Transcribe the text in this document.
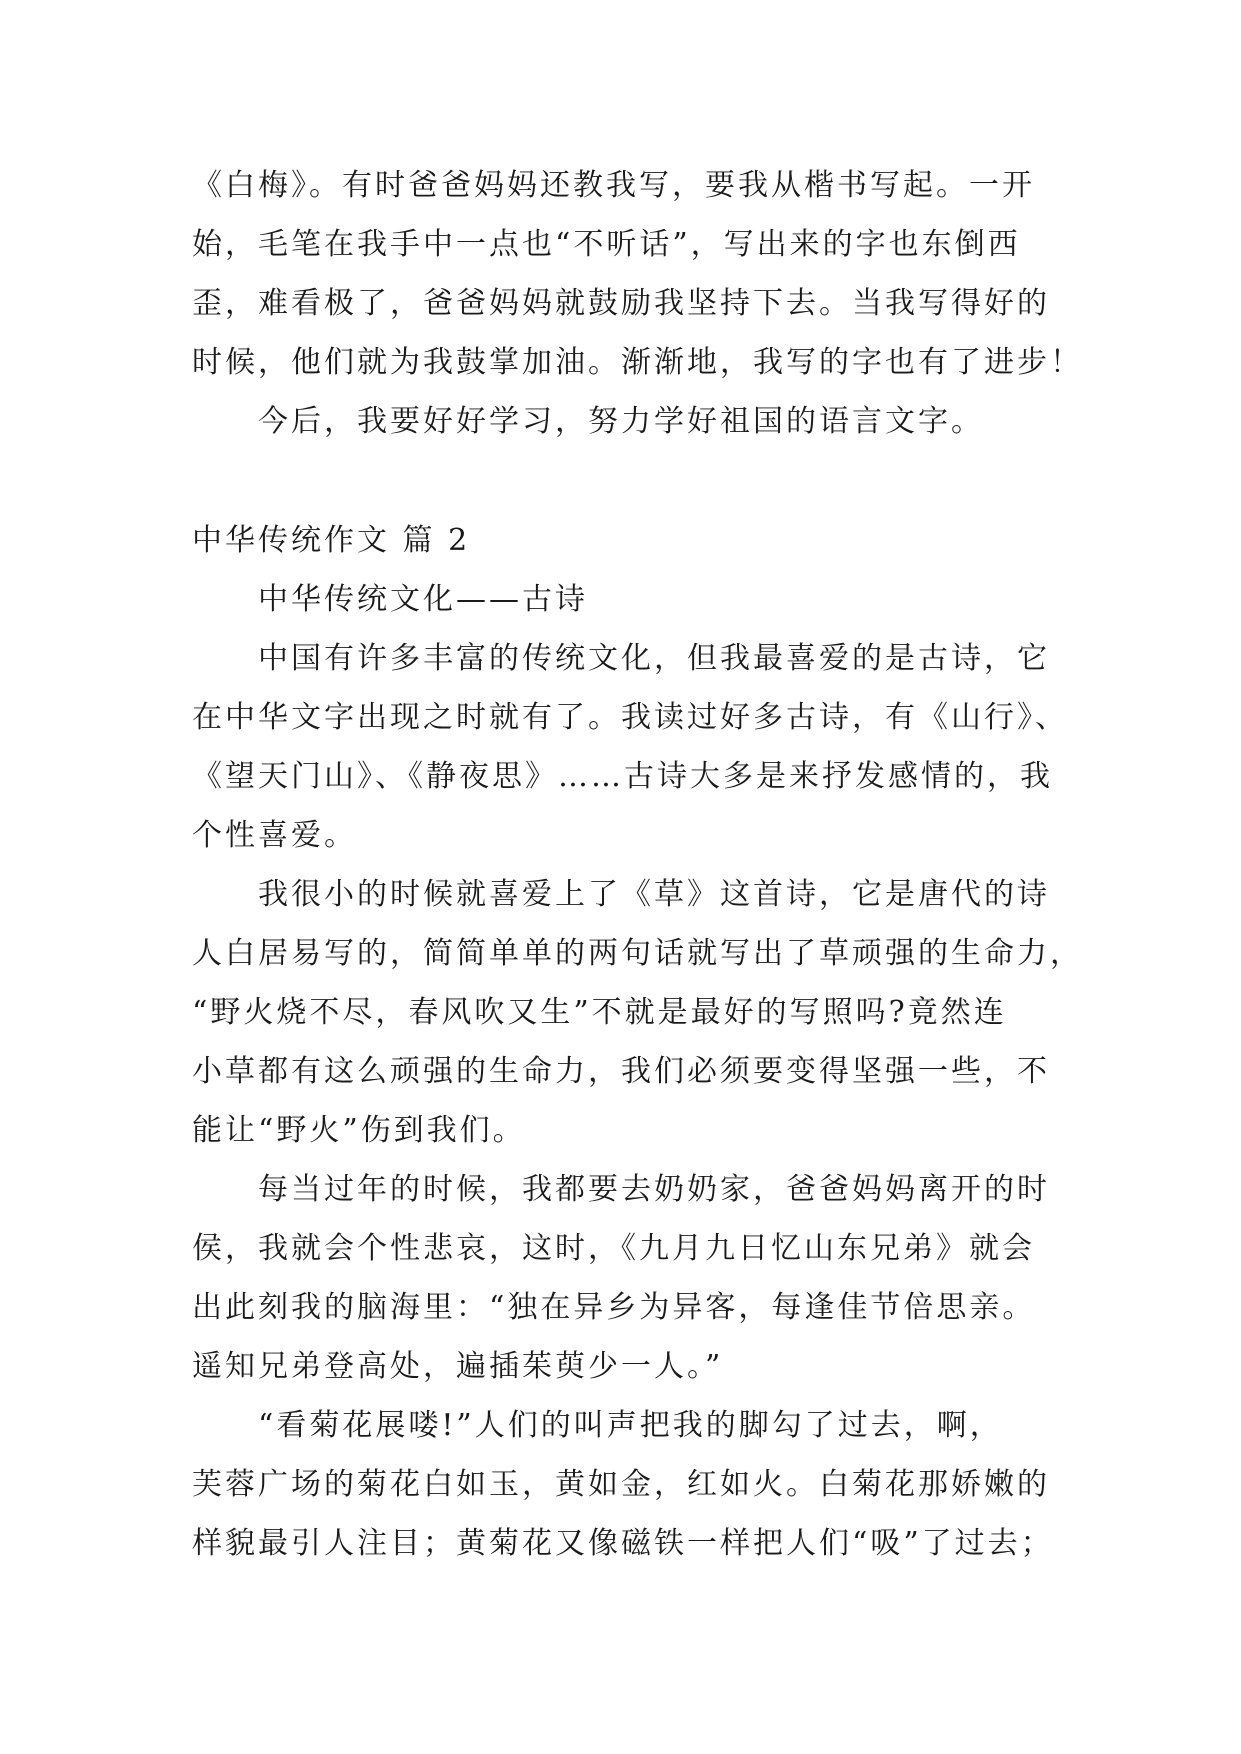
《白梅》。有时爸爸妈妈还教我写，要我从楷书写起。一开

始，毛笔在我手中一点也“不听话”，写出来的字也东倒西

歪，难看极了，爸爸妈妈就鼓励我坚持下去。当我写得好的

时候，他们就为我鼓掌加油。渐渐地，我写的字也有了进步！

今后，我要好好学习，努力学好祖国的语言文字。

中华传统作文 篇 2

中华传统文化——古诗

中国有许多丰富的传统文化，但我最喜爱的是古诗，它

在中华文字出现之时就有了。我读过好多古诗，有《山行》、

《望天门山》、《静夜思》……古诗大多是来抒发感情的，我

个性喜爱。

我很小的时候就喜爱上了《草》这首诗，它是唐代的诗

人白居易写的，简简单单的两句话就写出了草顽强的生命力，

“野火烧不尽，春风吹又生”不就是最好的写照吗?竟然连

小草都有这么顽强的生命力，我们必须要变得坚强一些，不

能让“野火”伤到我们。

每当过年的时候，我都要去奶奶家，爸爸妈妈离开的时

侯，我就会个性悲哀，这时，《九月九日忆山东兄弟》就会

出此刻我的脑海里：“独在异乡为异客，每逢佳节倍思亲。

遥知兄弟登高处，遍插茱萸少一人。”

“看菊花展喽!”人们的叫声把我的脚勾了过去，啊，

芙蓉广场的菊花白如玉，黄如金，红如火。白菊花那娇嫩的

样貌最引人注目；黄菊花又像磁铁一样把人们“吸”了过去；
